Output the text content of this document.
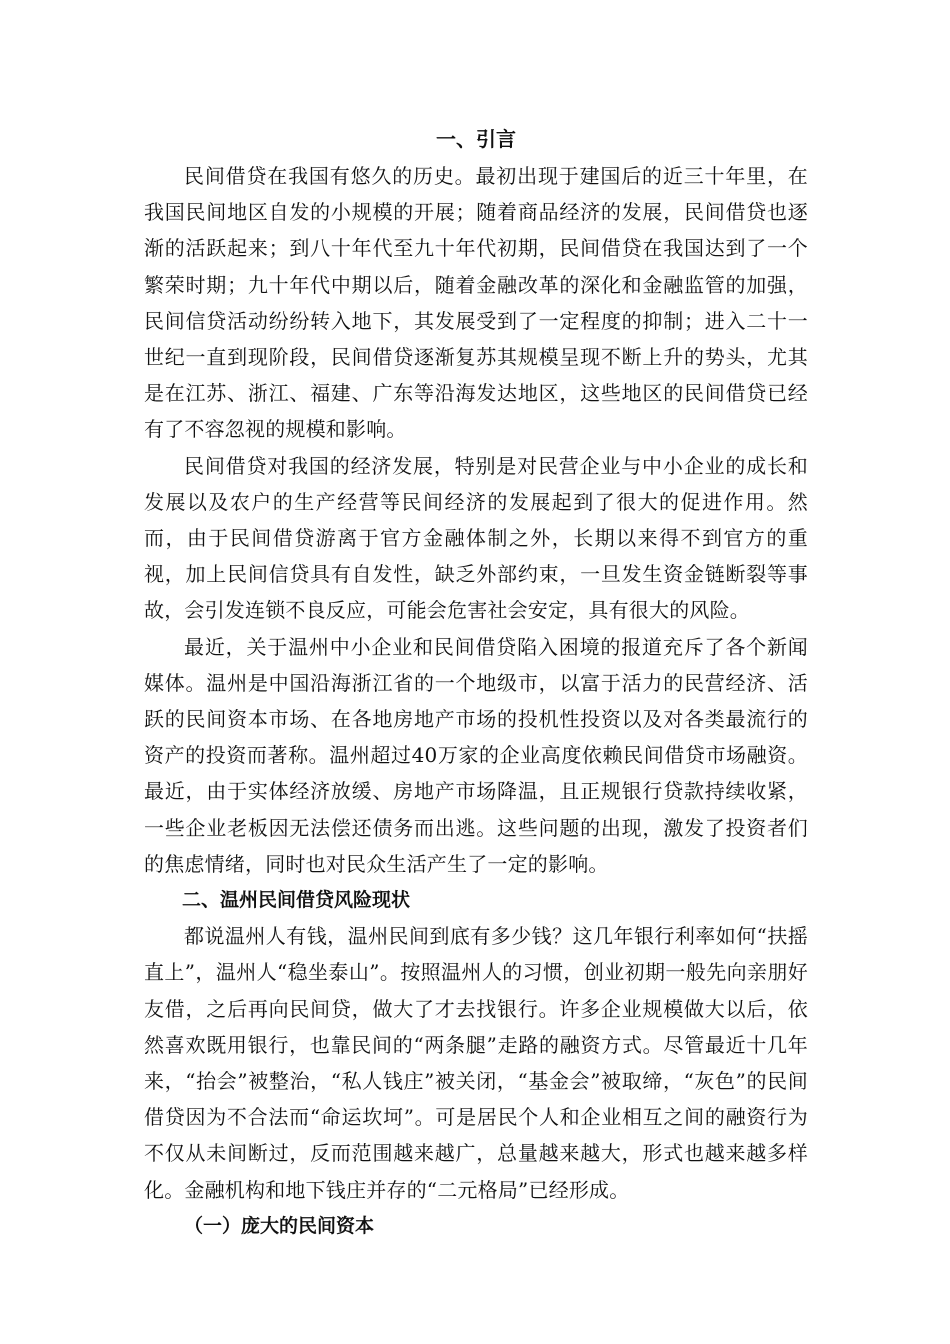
一、引言

民间借贷在我国有悠久的历史。最初出现于建国后的近三十年里，在我国民间地区自发的小规模的开展；随着商品经济的发展，民间借贷也逐渐的活跃起来；到八十年代至九十年代初期，民间借贷在我国达到了一个繁荣时期；九十年代中期以后，随着金融改革的深化和金融监管的加强，民间信贷活动纷纷转入地下，其发展受到了一定程度的抑制；进入二十一世纪一直到现阶段，民间借贷逐渐复苏其规模呈现不断上升的势头，尤其是在江苏、浙江、福建、广东等沿海发达地区，这些地区的民间借贷已经有了不容忽视的规模和影响。

民间借贷对我国的经济发展，特别是对民营企业与中小企业的成长和发展以及农户的生产经营等民间经济的发展起到了很大的促进作用。然而，由于民间借贷游离于官方金融体制之外，长期以来得不到官方的重视，加上民间信贷具有自发性，缺乏外部约束，一旦发生资金链断裂等事故，会引发连锁不良反应，可能会危害社会安定，具有很大的风险。

最近，关于温州中小企业和民间借贷陷入困境的报道充斥了各个新闻媒体。温州是中国沿海浙江省的一个地级市，以富于活力的民营经济、活跃的民间资本市场、在各地房地产市场的投机性投资以及对各类最流行的资产的投资而著称。温州超过40万家的企业高度依赖民间借贷市场融资。最近，由于实体经济放缓、房地产市场降温，且正规银行贷款持续收紧，一些企业老板因无法偿还债务而出逃。这些问题的出现，激发了投资者们的焦虑情绪，同时也对民众生活产生了一定的影响。

二、温州民间借贷风险现状

都说温州人有钱，温州民间到底有多少钱？这几年银行利率如何“扶摇直上”，温州人“稳坐泰山”。按照温州人的习惯，创业初期一般先向亲朋好友借，之后再向民间贷，做大了才去找银行。许多企业规模做大以后，依然喜欢既用银行，也靠民间的“两条腿”走路的融资方式。尽管最近十几年来，“抬会”被整治，“私人钱庄”被关闭，“基金会”被取缔，“灰色”的民间借贷因为不合法而“命运坎坷”。可是居民个人和企业相互之间的融资行为不仅从未间断过，反而范围越来越广，总量越来越大，形式也越来越多样化。金融机构和地下钱庄并存的“二元格局”已经形成。

（一）庞大的民间资本
